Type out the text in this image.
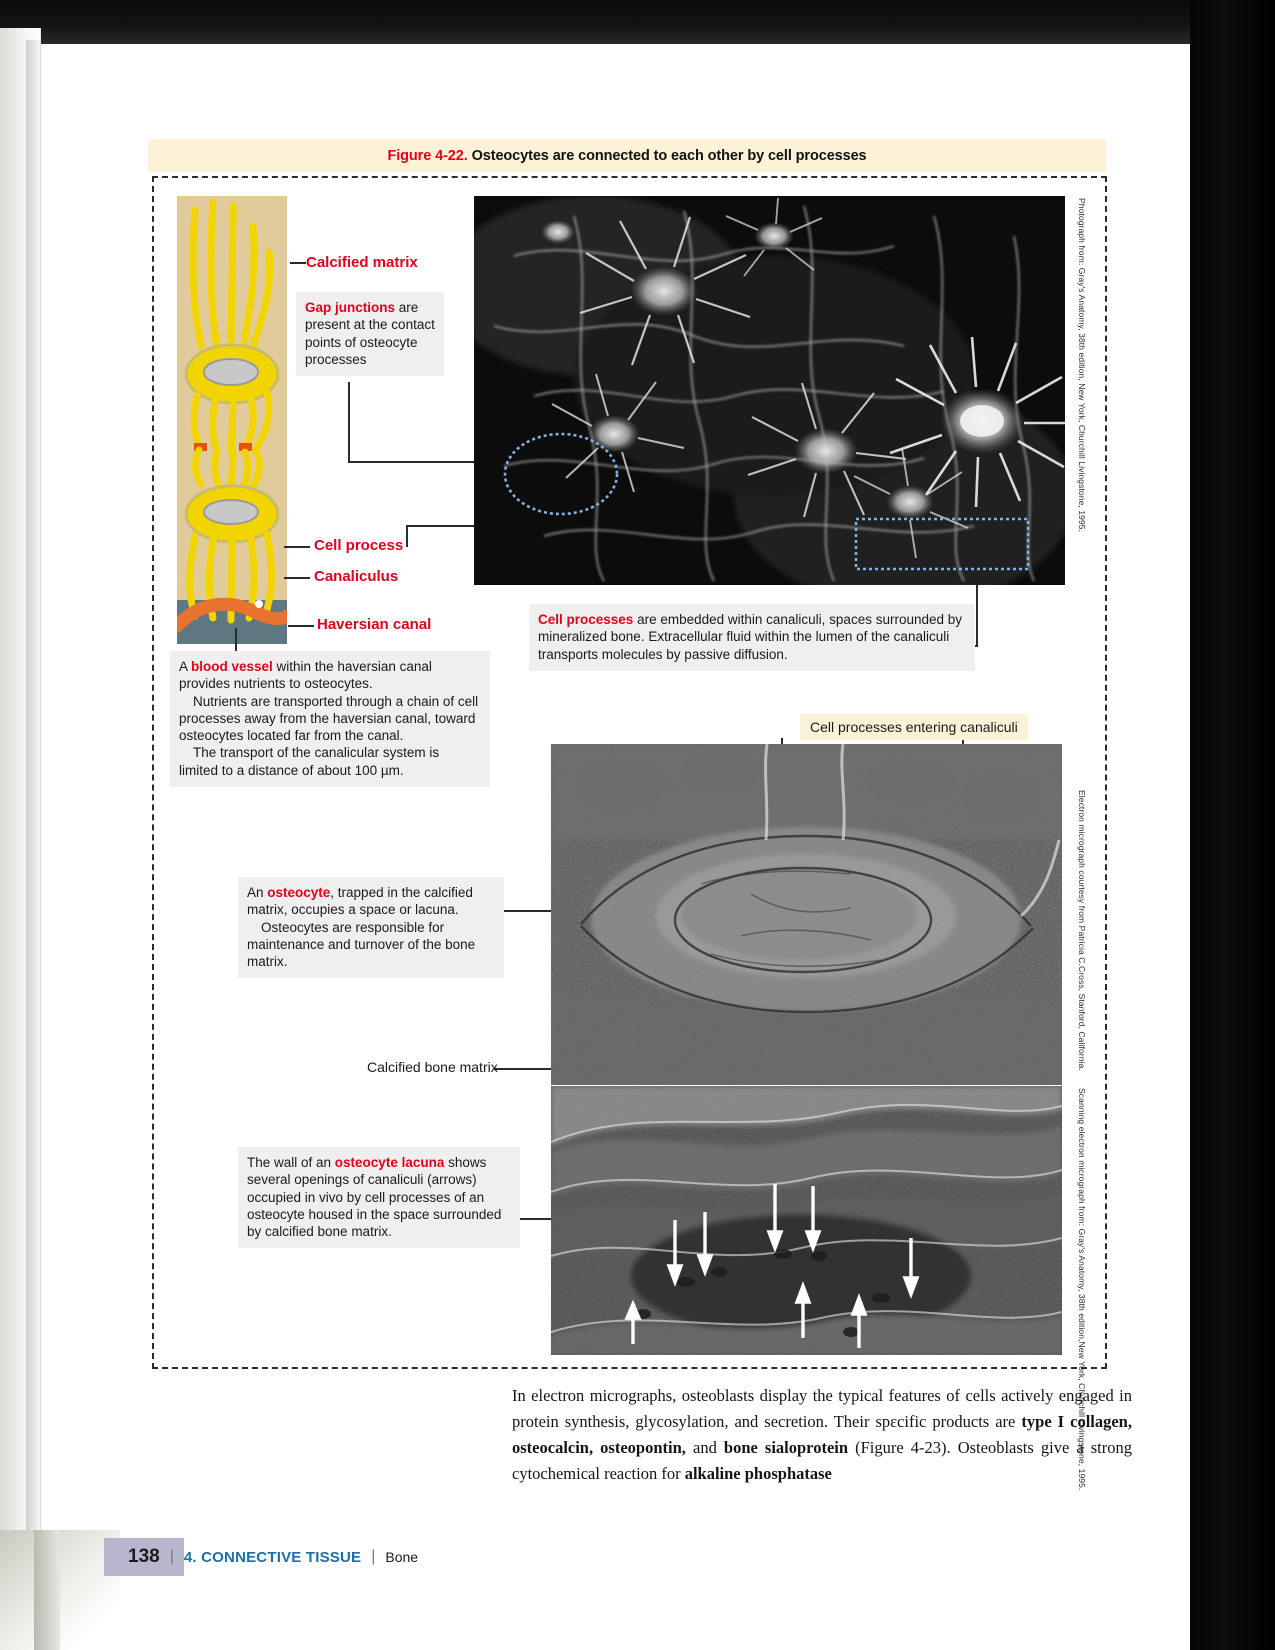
Figure 4-22. Osteocytes are connected to each other by cell processes
Calcified matrix
Cell process
Canaliculus
Haversian canal
Gap junctions are present at the contact points of osteocyte processes
A blood vessel within the haversian canal provides nutrients to osteocytes.
Nutrients are transported through a chain of cell processes away from the haversian canal, toward osteocytes located far from the canal.
The transport of the canalicular system is limited to a distance of about 100 µm.
Cell processes are embedded within canaliculi, spaces surrounded by mineralized bone. Extracellular fluid within the lumen of the canaliculi transports molecules by passive diffusion.
Cell processes entering canaliculi
An osteocyte, trapped in the calcified matrix, occupies a space or lacuna.
Osteocytes are responsible for maintenance and turnover of the bone matrix.
Calcified bone matrix
The wall of an osteocyte lacuna shows several openings of canaliculi (arrows) occupied in vivo by cell processes of an osteocyte housed in the space surrounded by calcified bone matrix.
Photograph from: Gray's Anatomy, 38th edition, New York, Churchill Livingstone, 1995.
Electron micrograph courtesy from Patricia C.Cross, Stanford, California.
Scanning electron micrograph from: Gray's Anatomy, 38th edition,New York, Churchill Livingstone, 1995.
In electron micrographs, osteoblasts display the typical features of cells actively engaged in protein synthesis, glycosylation, and secretion. Their spɛcific products are type I collagen, osteocalcin, osteopontin, and bone sialoprotein (Figure 4-23). Osteoblasts give a strong cytochemical reaction for alkaline phosphatase
138 | 4. CONNECTIVE TISSUE | Bone
